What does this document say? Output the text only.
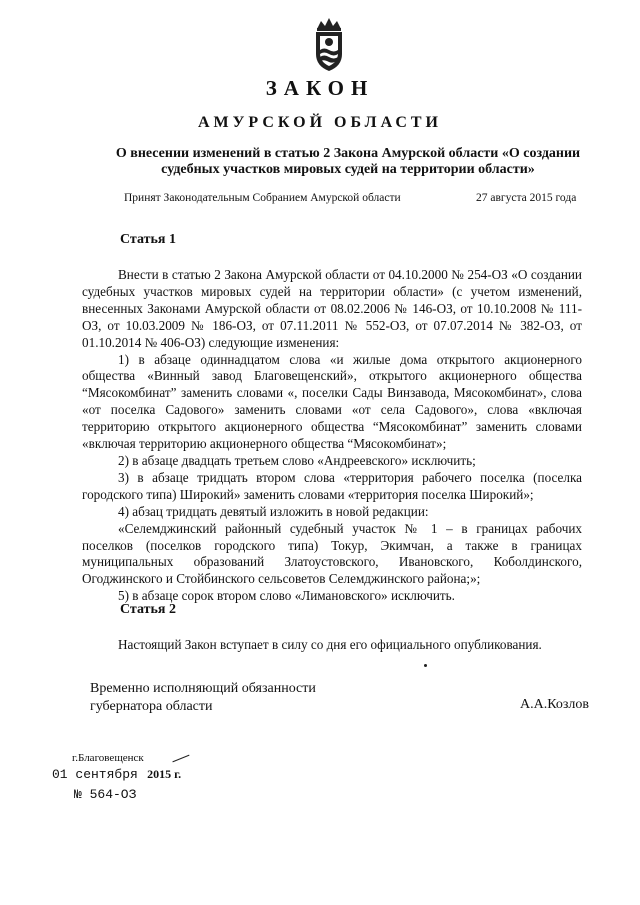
ЗАКОН
АМУРСКОЙ ОБЛАСТИ
О внесении изменений в статью 2 Закона Амурской области «О создании судебных участков мировых судей на территории области»
Принят Законодательным Собранием Амурской области	27 августа 2015 года
Статья 1

Внести в статью 2 Закона Амурской области от 04.10.2000 № 254-ОЗ «О создании судебных участков мировых судей на территории области» (с учетом изменений, внесенных Законами Амурской области от 08.02.2006 № 146-ОЗ, от 10.10.2008 № 111-ОЗ, от 10.03.2009 № 186-ОЗ, от 07.11.2011 № 552-ОЗ, от 07.07.2014 № 382-ОЗ, от 01.10.2014 № 406-ОЗ) следующие изменения:

1) в абзаце одиннадцатом слова «и жилые дома открытого акционерного общества «Винный завод Благовещенский», открытого акционерного общества “Мясокомбинат” заменить словами «, поселки Сады Винзавода, Мясокомбинат», слова «от поселка Садового» заменить словами «от села Садового», слова «включая территорию открытого акционерного общества “Мясокомбинат” заменить словами «включая территорию акционерного общества “Мясокомбинат»;

2) в абзаце двадцать третьем слово «Андреевского» исключить;

3) в абзаце тридцать втором слова «территория рабочего поселка (поселка городского типа) Широкий» заменить словами «территория поселка Широкий»;

4) абзац тридцать девятый изложить в новой редакции:

«Селемджинский районный судебный участок № 1 – в границах рабочих поселков (поселков городского типа) Токур, Экимчан, а также в границах муниципальных образований Златоустовского, Ивановского, Коболдинского, Огоджинского и Стойбинского сельсоветов Селемджинского района;»;

5) в абзаце сорок втором слово «Лимановского» исключить.

Статья 2

Настоящий Закон вступает в силу со дня его официального опубликования.

Временно исполняющий обязанности
губернатора области	А.А.Козлов
г.Благовещенск
01 сентября 2015 г.
№ 564-ОЗ
